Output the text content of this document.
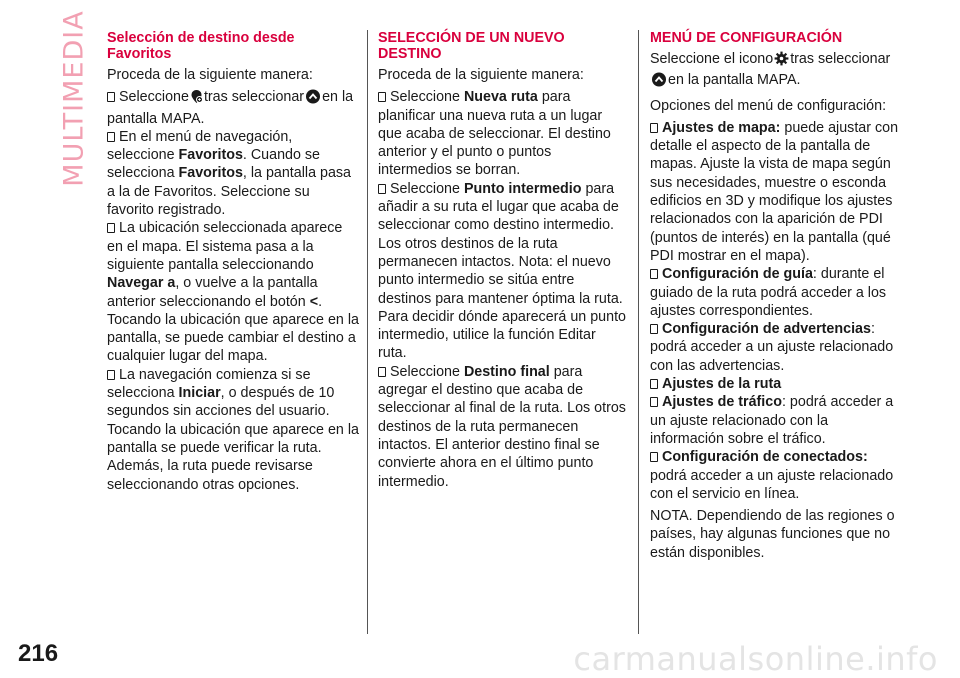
MULTIMEDIA Selección de destino desde Favoritos

Proceda de la siguiente manera:

Seleccione tras seleccionar en la pantalla MAPA.
En el menú de navegación, seleccione Favoritos. Cuando se selecciona Favoritos, la pantalla pasa a la de Favoritos. Seleccione su favorito registrado.
La ubicación seleccionada aparece en el mapa. El sistema pasa a la siguiente pantalla seleccionando Navegar a, o vuelve a la pantalla anterior seleccionando el botón <.
Tocando la ubicación que aparece en la pantalla, se puede cambiar el destino a cualquier lugar del mapa.
La navegación comienza si se selecciona Iniciar, o después de 10 segundos sin acciones del usuario.
Tocando la ubicación que aparece en la pantalla se puede verificar la ruta. Además, la ruta puede revisarse seleccionando otras opciones.
SELECCIÓN DE UN NUEVO DESTINO

Proceda de la siguiente manera:

Seleccione Nueva ruta para planificar una nueva ruta a un lugar que acaba de seleccionar. El destino anterior y el punto o puntos intermedios se borran.
Seleccione Punto intermedio para añadir a su ruta el lugar que acaba de seleccionar como destino intermedio. Los otros destinos de la ruta permanecen intactos. Nota: el nuevo punto intermedio se sitúa entre destinos para mantener óptima la ruta. Para decidir dónde aparecerá un punto intermedio, utilice la función Editar ruta.
Seleccione Destino final para agregar el destino que acaba de seleccionar al final de la ruta. Los otros destinos de la ruta permanecen intactos. El anterior destino final se convierte ahora en el último punto intermedio.
MENÚ DE CONFIGURACIÓN

Seleccione el icono tras seleccionar
en la pantalla MAPA.

Opciones del menú de configuración:

Ajustes de mapa: puede ajustar con detalle el aspecto de la pantalla de mapas. Ajuste la vista de mapa según sus necesidades, muestre o esconda edificios en 3D y modifique los ajustes relacionados con la aparición de PDI (puntos de interés) en la pantalla (qué PDI mostrar en el mapa).
Configuración de guía: durante el guiado de la ruta podrá acceder a los ajustes correspondientes.
Configuración de advertencias: podrá acceder a un ajuste relacionado con las advertencias.
Ajustes de la ruta
Ajustes de tráfico: podrá acceder a un ajuste relacionado con la información sobre el tráfico.
Configuración de conectados: podrá acceder a un ajuste relacionado con el servicio en línea.

NOTA. Dependiendo de las regiones o países, hay algunas funciones que no están disponibles.

216	carmanualsonline.info
